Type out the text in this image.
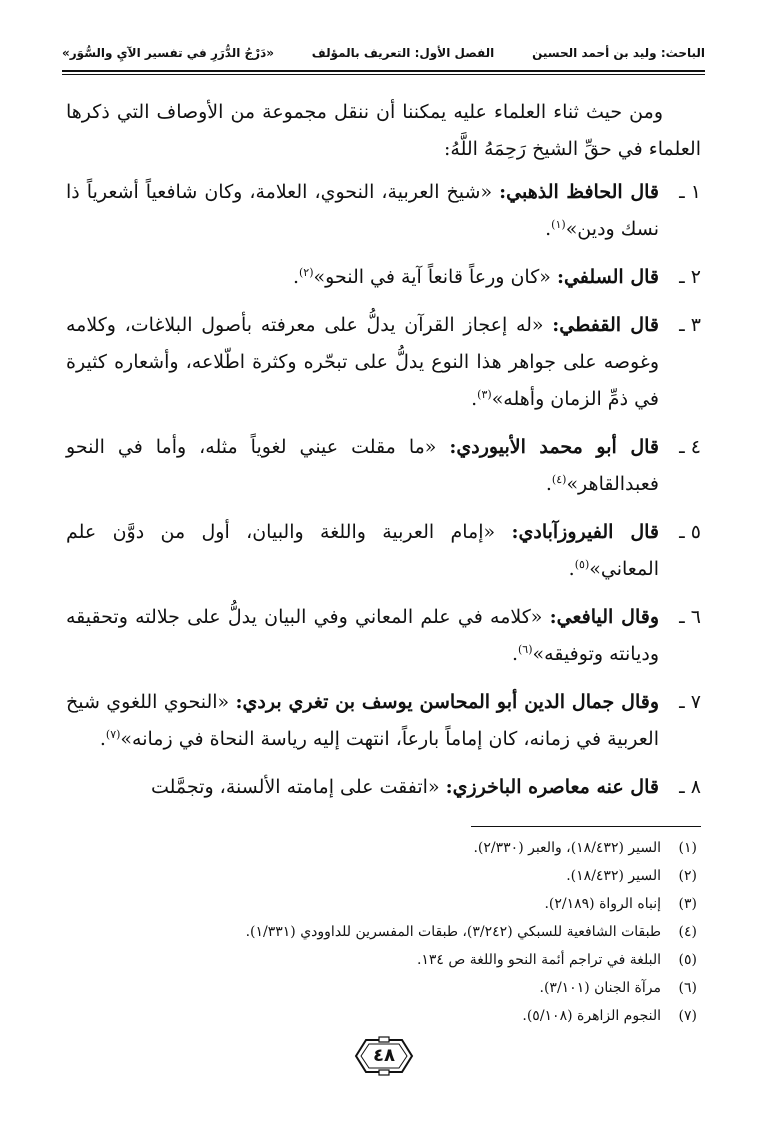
الباحث: وليد بن أحمد الحسين
الفصل الأول: التعريف بالمؤلف
«دَرْجُ الدُّرَرِ في تفسير الآيِ والسُّوَر»

ومن حيث ثناء العلماء عليه يمكننا أن ننقل مجموعة من الأوصاف التي ذكرها العلماء في حقِّ الشيخ رَحِمَهُ اللَّهُ:

١ ـ
قال الحافظ الذهبي: «شيخ العربية، النحوي، العلامة، وكان شافعياً أشعرياً ذا نسك ودين»$^{(١)}$.
٢ ـ
قال السلفي: «كان ورعاً قانعاً آية في النحو»$^{(٢)}$.
٣ ـ
قال القفطي: «له إعجاز القرآن يدلُّ على معرفته بأصول البلاغات، وكلامه وغوصه على جواهر هذا النوع يدلُّ على تبحّره وكثرة اطّلاعه، وأشعاره كثيرة في ذمِّ الزمان وأهله»$^{(٣)}$.
٤ ـ
قال أبو محمد الأبيوردي: «ما مقلت عيني لغوياً مثله، وأما في النحو فعبدالقاهر»$^{(٤)}$.
٥ ـ
قال الفيروزآبادي: «إمام العربية واللغة والبيان، أول من دوَّن علم المعاني»$^{(٥)}$.
٦ ـ
وقال اليافعي: «كلامه في علم المعاني وفي البيان يدلُّ على جلالته وتحقيقه وديانته وتوفيقه»$^{(٦)}$.
٧ ـ
وقال جمال الدين أبو المحاسن يوسف بن تغري بردي: «النحوي اللغوي شيخ العربية في زمانه، كان إماماً بارعاً، انتهت إليه رياسة النحاة في زمانه»$^{(٧)}$.
٨ ـ
قال عنه معاصره الباخرزي: «اتفقت على إمامته الألسنة، وتجمَّلت
(١)
السير (١٨/٤٣٢)، والعبر (٢/٣٣٠).
(٢)
السير (١٨/٤٣٢).
(٣)
إنباه الرواة (٢/١٨٩).
(٤)
طبقات الشافعية للسبكي (٣/٢٤٢)، طبقات المفسرين للداوودي (١/٣٣١).
(٥)
البلغة في تراجم أئمة النحو واللغة ص ١٣٤.
(٦)
مرآة الجنان (٣/١٠١).
(٧)
النجوم الزاهرة (٥/١٠٨).
٤٨
